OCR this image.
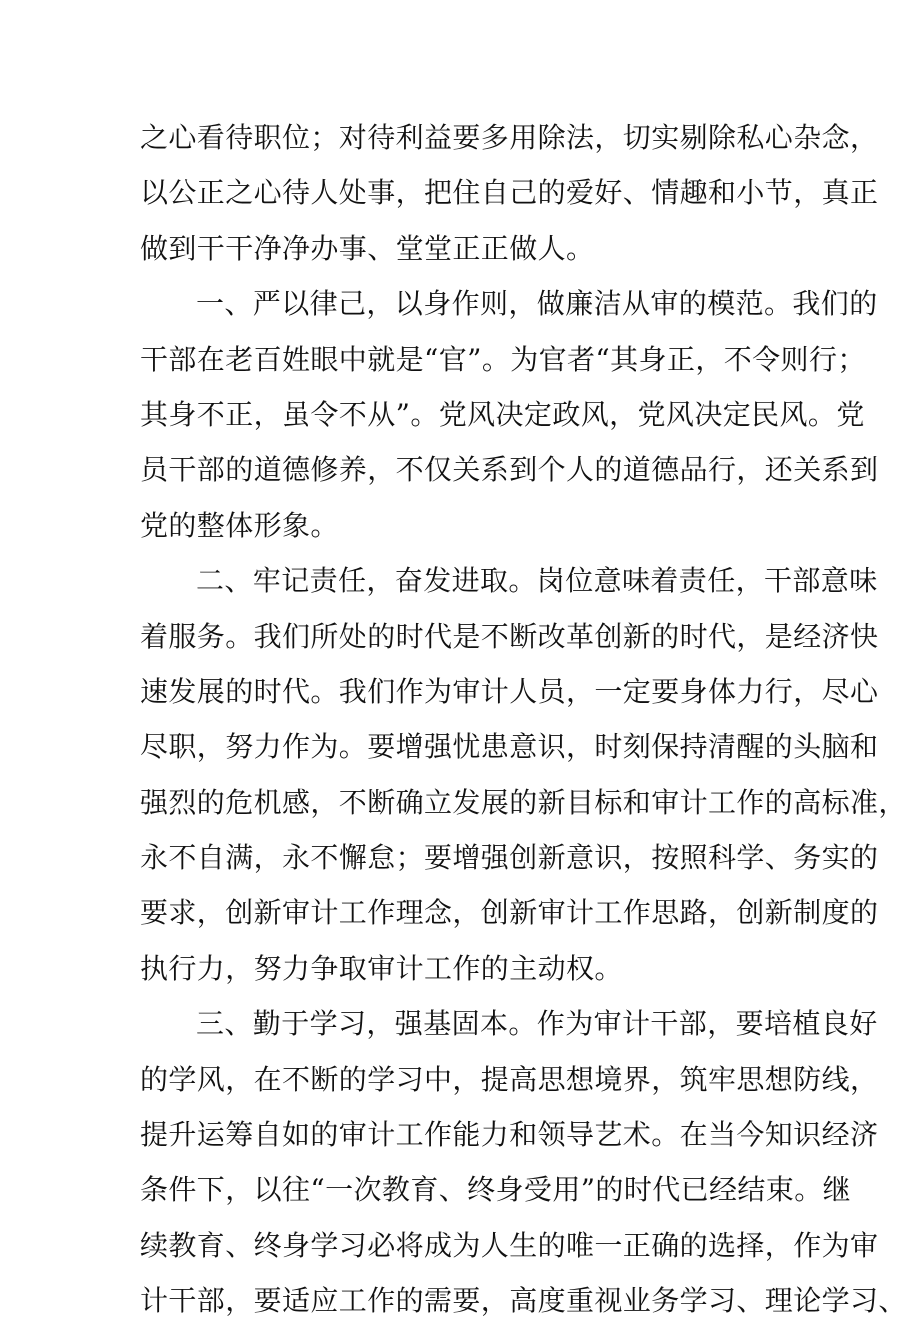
之心看待职位；对待利益要多用除法，切实剔除私心杂念，
以公正之心待人处事，把住自己的爱好、情趣和小节，真正
做到干干净净办事、堂堂正正做人。
一、严以律己，以身作则，做廉洁从审的模范。我们的
干部在老百姓眼中就是“官”。为官者“其身正，不令则行；
其身不正，虽令不从”。党风决定政风，党风决定民风。党
员干部的道德修养，不仅关系到个人的道德品行，还关系到
党的整体形象。
二、牢记责任，奋发进取。岗位意味着责任，干部意味
着服务。我们所处的时代是不断改革创新的时代，是经济快
速发展的时代。我们作为审计人员，一定要身体力行，尽心
尽职，努力作为。要增强忧患意识，时刻保持清醒的头脑和
强烈的危机感，不断确立发展的新目标和审计工作的高标准，
永不自满，永不懈怠；要增强创新意识，按照科学、务实的
要求，创新审计工作理念，创新审计工作思路，创新制度的
执行力，努力争取审计工作的主动权。
三、勤于学习，强基固本。作为审计干部，要培植良好
的学风，在不断的学习中，提高思想境界，筑牢思想防线，
提升运筹自如的审计工作能力和领导艺术。在当今知识经济
条件下，以往“一次教育、终身受用”的时代已经结束。继
续教育、终身学习必将成为人生的唯一正确的选择，作为审
计干部，要适应工作的需要，高度重视业务学习、理论学习、
